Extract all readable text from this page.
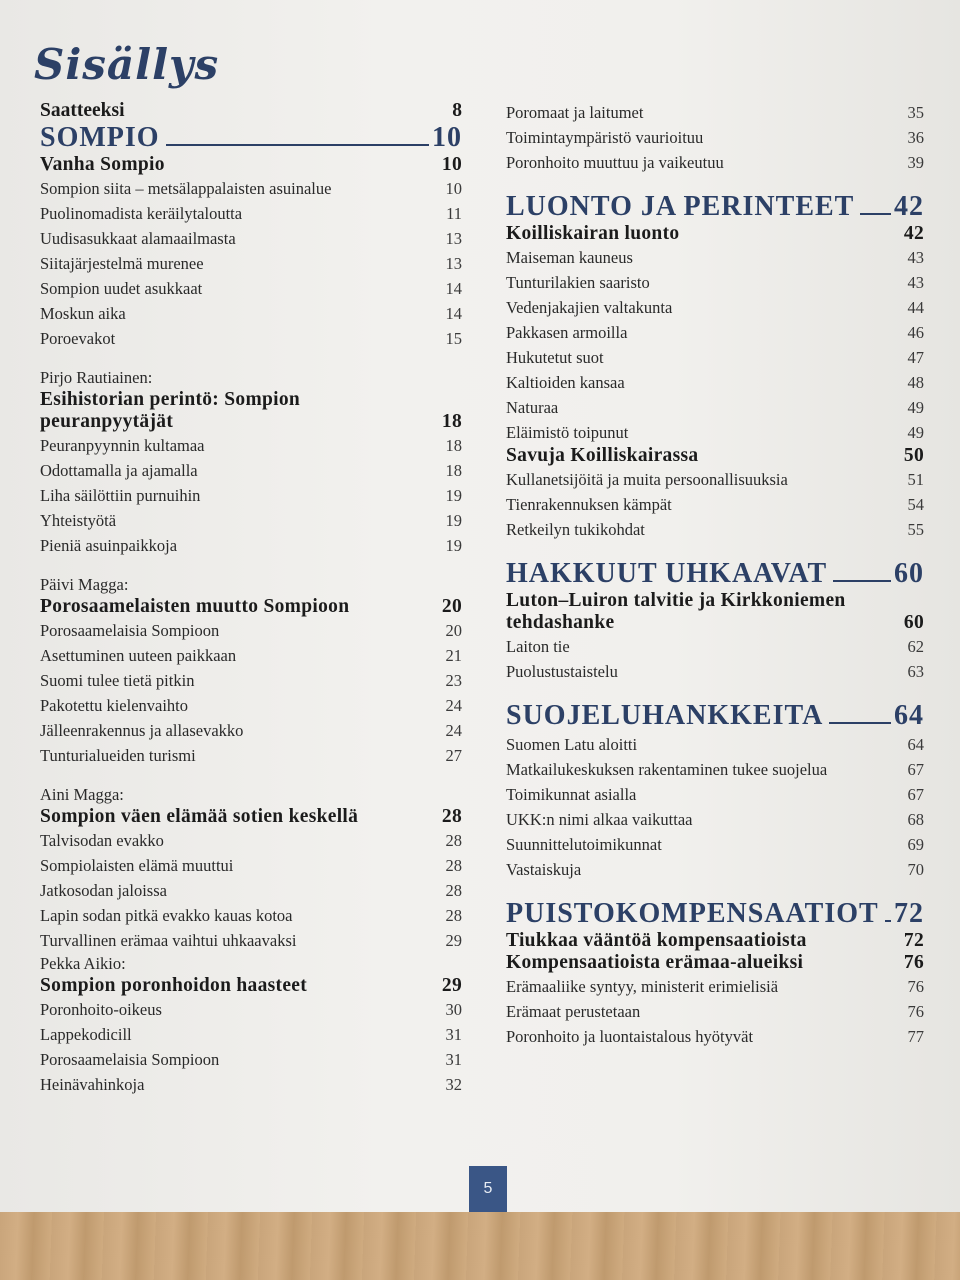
Sisällys
Saatteeksi	8
SOMPIO	10
Vanha Sompio	10
Sompion siita – metsälappalaisten asuinalue	10
Puolinomadista keräilytaloutta	11
Uudisasukkaat alamaailmasta	13
Siitajärjestelmä murenee	13
Sompion uudet asukkaat	14
Moskun aika	14
Poroevakot	15
Pirjo Rautiainen:
Esihistorian perintö: Sompion peuranpyytäjät	18
Peuranpyynnin kultamaa	18
Odottamalla ja ajamalla	18
Liha säilöttiin purnuihin	19
Yhteistyötä	19
Pieniä asuinpaikkoja	19
Päivi Magga:
Porosaamelaisten muutto Sompioon	20
Porosaamelaisia Sompioon	20
Asettuminen uuteen paikkaan	21
Suomi tulee tietä pitkin	23
Pakotettu kielenvaihto	24
Jälleenrakennus ja allasevakko	24
Tunturialueiden turismi	27
Aini Magga:
Sompion väen elämää sotien keskellä	28
Talvisodan evakko	28
Sompiolaisten elämä muuttui	28
Jatkosodan jaloissa	28
Lapin sodan pitkä evakko kauas kotoa	28
Turvallinen erämaa vaihtui uhkaavaksi	29
Pekka Aikio:
Sompion poronhoidon haasteet	29
Poronhoito-oikeus	30
Lappekodicill	31
Porosaamelaisia Sompioon	31
Heinävahinkoja	32
Poromaat ja laitumet	35
Toimintaympäristö vaurioituu	36
Poronhoito muuttuu ja vaikeutuu	39
LUONTO JA PERINTEET 42
Koilliskairan luonto	42
Maiseman kauneus	43
Tunturilakien saaristo	43
Vedenjakajien valtakunta	44
Pakkasen armoilla	46
Hukutetut suot	47
Kaltioiden kansaa	48
Naturaa	49
Eläimistö toipunut	49
Savuja Koilliskairassa	50
Kullanetsijöitä ja muita persoonallisuuksia	51
Tienrakennuksen kämpät	54
Retkeilyn tukikohdat	55
HAKKUUT UHKAAVAT 60
Luton–Luiron talvitie ja Kirkkoniemen tehdashanke	60
Laiton tie	62
Puolustustaistelu	63
SUOJELUHANKKEITA	64
Suomen Latu aloitti	64
Matkailukeskuksen rakentaminen tukee suojelua	67
Toimikunnat asialla	67
UKK:n nimi alkaa vaikuttaa	68
Suunnittelutoimikunnat	69
Vastaiskuja	70
PUISTOKOMPENSAATIOT 72
Tiukkaa vääntöä kompensaatioista	72
Kompensaatioista erämaa-alueiksi	76
Erämaaliike syntyy, ministerit erimielisiä	76
Erämaat perustetaan	76
Poronhoito ja luontaistalous hyötyvät	77
5
